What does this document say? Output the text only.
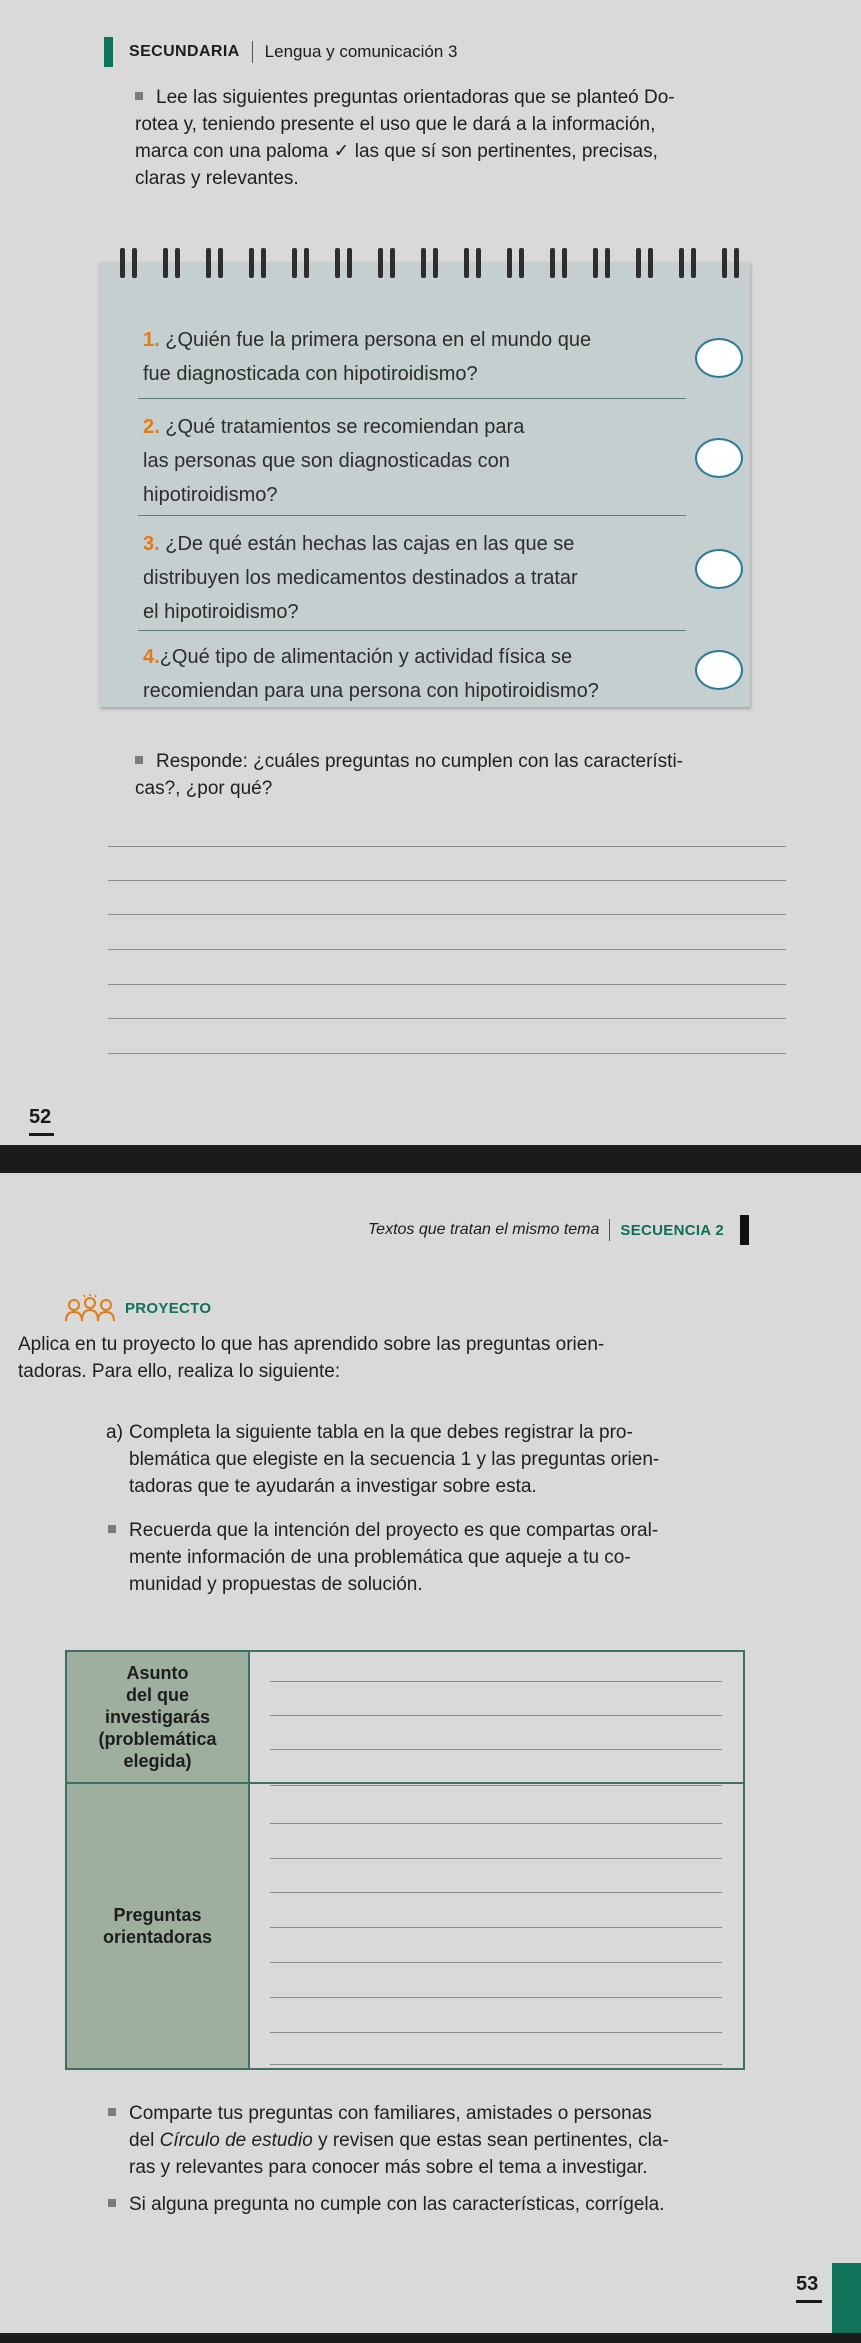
SECUNDARIA Lengua y comunicación 3
Lee las siguientes preguntas orientadoras que se planteó Do-
rotea y, teniendo presente el uso que le dará a la información,
marca con una paloma ✓ las que sí son pertinentes, precisas,
claras y relevantes.
1. ¿Quién fue la primera persona en el mundo que
fue diagnosticada con hipotiroidismo?
2. ¿Qué tratamientos se recomiendan para
las personas que son diagnosticadas con
hipotiroidismo?
3. ¿De qué están hechas las cajas en las que se
distribuyen los medicamentos destinados a tratar
el hipotiroidismo?
4.¿Qué tipo de alimentación y actividad física se
recomiendan para una persona con hipotiroidismo?
Responde: ¿cuáles preguntas no cumplen con las característi-
cas?, ¿por qué?
52
Textos que tratan el mismo tema SECUENCIA 2
PROYECTO
Aplica en tu proyecto lo que has aprendido sobre las preguntas orien-
tadoras. Para ello, realiza lo siguiente:
a) Completa la siguiente tabla en la que debes registrar la pro-
blemática que elegiste en la secuencia 1 y las preguntas orien-
tadoras que te ayudarán a investigar sobre esta.
Recuerda que la intención del proyecto es que compartas oral-
mente información de una problemática que aqueje a tu co-
munidad y propuestas de solución.
Asunto
del que
investigarás
(problemática
elegida)
Preguntas
orientadoras
Comparte tus preguntas con familiares, amistades o personas
del Círculo de estudio y revisen que estas sean pertinentes, cla-
ras y relevantes para conocer más sobre el tema a investigar.
Si alguna pregunta no cumple con las características, corrígela.
53
